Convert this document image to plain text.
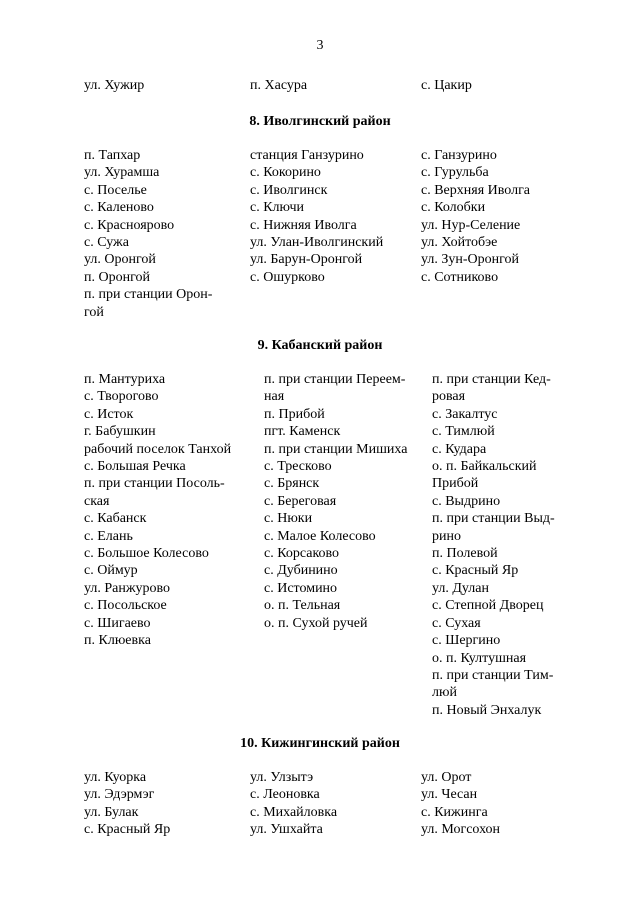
3
ул. Хужир	п. Хасура	с. Цакир
8. Иволгинский район
п. Тапхар
ул. Хурамша
с. Поселье
с. Каленово
с. Красноярово
с. Сужа
ул. Оронгой
п. Оронгой
п. при станции Орон-
гой
станция Ганзурино
с. Кокорино
с. Иволгинск
с. Ключи
с. Нижняя Иволга
ул. Улан-Иволгинский
ул. Барун-Оронгой
с. Ошурково
с. Ганзурино
с. Гурульба
с. Верхняя Иволга
с. Колобки
ул. Нур-Селение
ул. Хойтобэе
ул. Зун-Оронгой
с. Сотниково
9. Кабанский район
п. Мантуриха
с. Творогово
с. Исток
г. Бабушкин
рабочий поселок Танхой
с. Большая Речка
п. при станции Посоль-
ская
с. Кабанск
с. Елань
с. Большое Колесово
с. Оймур
ул. Ранжурово
с. Посольское
с. Шигаево
п. Клюевка
п. при станции Переем-
ная
п. Прибой
пгт. Каменск
п. при станции Мишиха
с. Тресково
с. Брянск
с. Береговая
с. Нюки
с. Малое Колесово
с. Корсаково
с. Дубинино
с. Истомино
о. п. Тельная
о. п. Сухой ручей
п. при станции Кед-
ровая
с. Закалтус
с. Тимлюй
с. Кудара
о. п. Байкальский
Прибой
с. Выдрино
п. при станции Выд-
рино
п. Полевой
с. Красный Яр
ул. Дулан
с. Степной Дворец
с. Сухая
с. Шергино
о. п. Култушная
п. при станции Тим-
люй
п. Новый Энхалук
10. Кижингинский район
ул. Куорка
ул. Эдэрмэг
ул. Булак
с. Красный Яр
ул. Улзытэ
с. Леоновка
с. Михайловка
ул. Ушхайта
ул. Орот
ул. Чесан
с. Кижинга
ул. Могсохон
